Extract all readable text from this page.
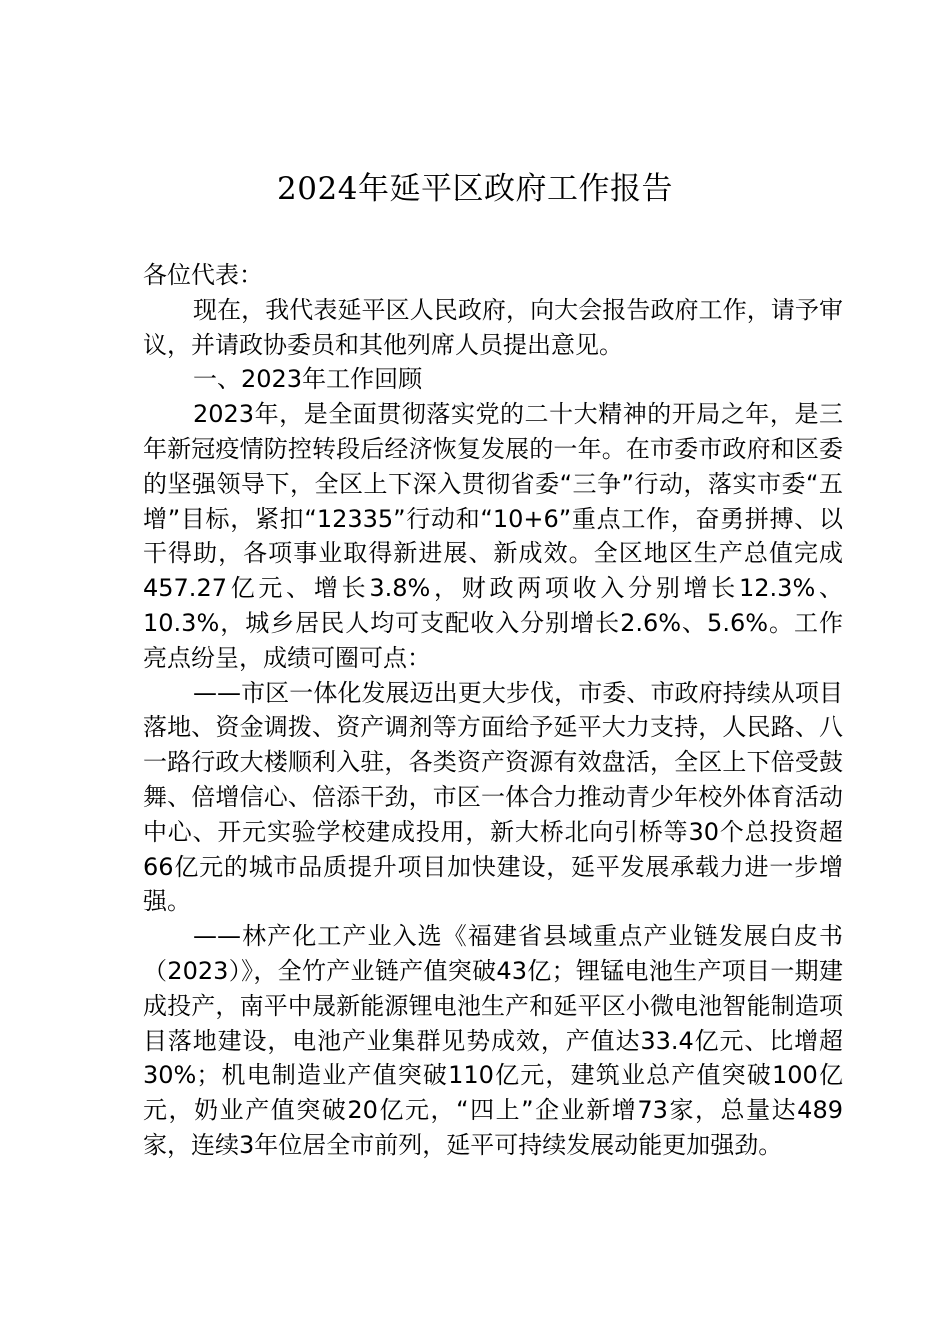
2024年延平区政府工作报告

各位代表：

现在，我代表延平区人民政府，向大会报告政府工作，请予审议，并请政协委员和其他列席人员提出意见。

一、2023年工作回顾

2023年，是全面贯彻落实党的二十大精神的开局之年，是三年新冠疫情防控转段后经济恢复发展的一年。在市委市政府和区委的坚强领导下，全区上下深入贯彻省委“三争”行动，落实市委“五增”目标，紧扣“12335”行动和“10+6”重点工作，奋勇拼搏、以干得助，各项事业取得新进展、新成效。全区地区生产总值完成457.27亿元、增长3.8%，财政两项收入分别增长12.3%、10.3%，城乡居民人均可支配收入分别增长2.6%、5.6%。工作亮点纷呈，成绩可圈可点：

——市区一体化发展迈出更大步伐，市委、市政府持续从项目落地、资金调拨、资产调剂等方面给予延平大力支持，人民路、八一路行政大楼顺利入驻，各类资产资源有效盘活，全区上下倍受鼓舞、倍增信心、倍添干劲，市区一体合力推动青少年校外体育活动中心、开元实验学校建成投用，新大桥北向引桥等30个总投资超66亿元的城市品质提升项目加快建设，延平发展承载力进一步增强。

——林产化工产业入选《福建省县域重点产业链发展白皮书（2023）》，全竹产业链产值突破43亿；锂锰电池生产项目一期建成投产，南平中晟新能源锂电池生产和延平区小微电池智能制造项目落地建设，电池产业集群见势成效，产值达33.4亿元、比增超30%；机电制造业产值突破110亿元，建筑业总产值突破100亿元，奶业产值突破20亿元，“四上”企业新增73家，总量达489家，连续3年位居全市前列，延平可持续发展动能更加强劲。
